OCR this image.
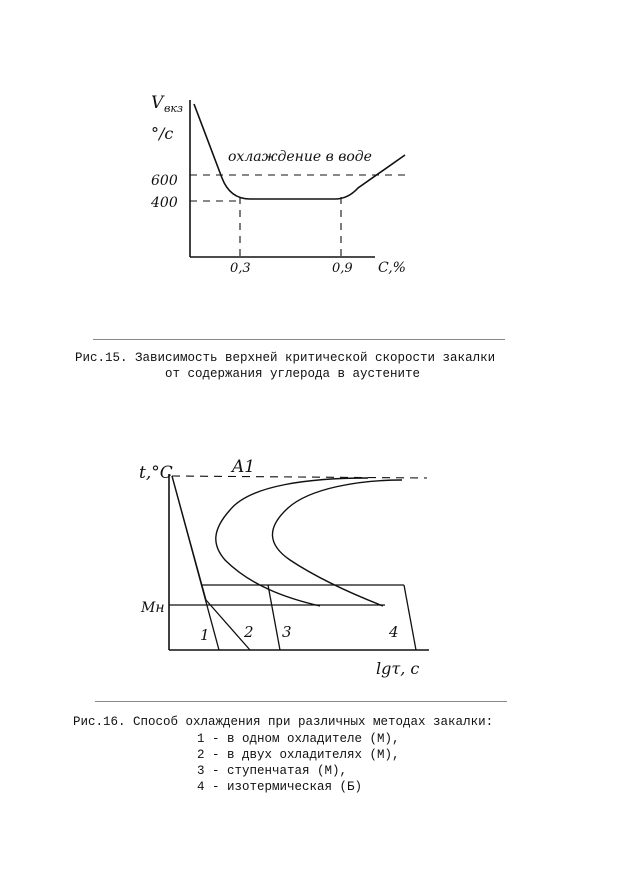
V вкз
°/c
охлаждение в воде
600
400
0,3	0,9 C,%
t,°C	A1
Мн
1 2 3	4
lgτ, c
Рис.15. Зависимость верхней критической скорости закалки
от содержания углерода в аустените
Рис.16. Способ охлаждения при различных методах закалки:
1 - в одном охладителе (М),
2 - в двух охладителях (М),
3 - ступенчатая (М),
4 - изотермическая (Б)
